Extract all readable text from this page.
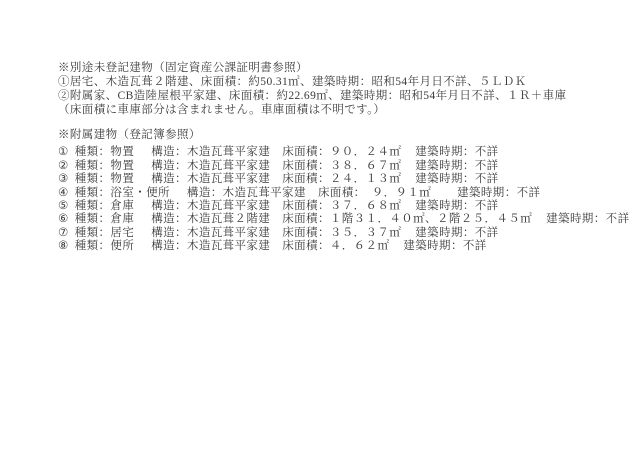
※別途未登記建物（固定資産公課証明書参照）
①居宅、木造瓦葺２階建、床面積：約50.31㎡、建築時期：昭和54年月日不詳、５ＬＤＫ
②附属家、CB造陸屋根平家建、床面積：約22.69㎡、建築時期：昭和54年月日不詳、１Ｒ＋車庫（床面積に車庫部分は含まれません。車庫面積は不明です。）
※附属建物（登記簿参照）
① 種類：物置 構造：木造瓦葺平家建 床面積：９０．２４㎡ 建築時期：不詳
② 種類：物置 構造：木造瓦葺平家建 床面積：３８．６７㎡ 建築時期：不詳
③ 種類：物置 構造：木造瓦葺平家建 床面積：２４．１３㎡ 建築時期：不詳
④ 種類：浴室・便所 構造：木造瓦葺平家建 床面積：　９．９１㎡　建築時期：不詳
⑤ 種類：倉庫 構造：木造瓦葺平家建 床面積：３７．６８㎡ 建築時期：不詳
⑥ 種類：倉庫 構造：木造瓦葺２階建 床面積：１階３１．４０㎡、２階２５．４５㎡ 建築時期：不詳
⑦ 種類：居宅 構造：木造瓦葺平家建 床面積：３５．３７㎡ 建築時期：不詳
⑧ 種類：便所 構造：木造瓦葺平家建 床面積：４．６２㎡ 建築時期：不詳
